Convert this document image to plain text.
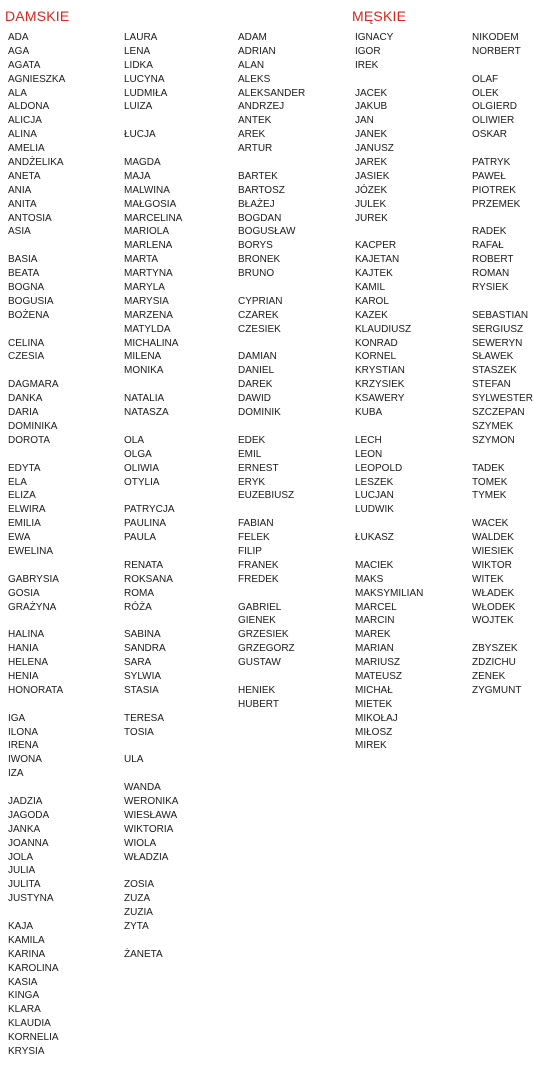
DAMSKIE	MĘSKIE
ADA
AGA
AGATA
AGNIESZKA
ALA
ALDONA
ALICJA
ALINA
AMELIA
ANDŻELIKA
ANETA
ANIA
ANITA
ANTOSIA
ASIA
BASIA
BEATA
BOGNA
BOGUSIA
BOŻENA
CELINA
CZESIA
DAGMARA
DANKA
DARIA
DOMINIKA
DOROTA
EDYTA
ELA
ELIZA
ELWIRA
EMILIA
EWA
EWELINA
GABRYSIA
GOSIA
GRAŻYNA
HALINA
HANIA
HELENA
HENIA
HONORATA
IGA
ILONA
IRENA
IWONA
IZA
JADZIA
JAGODA
JANKA
JOANNA
JOLA
JULIA
JULITA
JUSTYNA
KAJA
KAMILA
KARINA
KAROLINA
KASIA
KINGA
KLARA
KLAUDIA
KORNELIA
KRYSIA
LAURA
LENA
LIDKA
LUCYNA
LUDMIŁA
LUIZA
ŁUCJA
MAGDA
MAJA
MALWINA
MAŁGOSIA
MARCELINA
MARIOLA
MARLENA
MARTA
MARTYNA
MARYLA
MARYSIA
MARZENA
MATYLDA
MICHALINA
MILENA
MONIKA
NATALIA
NATASZA
OLA
OLGA
OLIWIA
OTYLIA
PATRYCJA
PAULINA
PAULA
RENATA
ROKSANA
ROMA
RÓŻA
SABINA
SANDRA
SARA
SYLWIA
STASIA
TERESA
TOSIA
ULA
WANDA
WERONIKA
WIESŁAWA
WIKTORIA
WIOLA
WŁADZIA
ZOSIA
ZUZA
ZUZIA
ZYTA
ŻANETA
ADAM
ADRIAN
ALAN
ALEKS
ALEKSANDER
ANDRZEJ
ANTEK
AREK
ARTUR
BARTEK
BARTOSZ
BŁAŻEJ
BOGDAN
BOGUSŁAW
BORYS
BRONEK
BRUNO
CYPRIAN
CZAREK
CZESIEK
DAMIAN
DANIEL
DAREK
DAWID
DOMINIK
EDEK
EMIL
ERNEST
ERYK
EUZEBIUSZ
FABIAN
FELEK
FILIP
FRANEK
FREDEK
GABRIEL
GIENEK
GRZESIEK
GRZEGORZ
GUSTAW
HENIEK
HUBERT
IGNACY
IGOR
IREK
JACEK
JAKUB
JAN
JANEK
JANUSZ
JAREK
JASIEK
JÓZEK
JULEK
JUREK
KACPER
KAJETAN
KAJTEK
KAMIL
KAROL
KAZEK
KLAUDIUSZ
KONRAD
KORNEL
KRYSTIAN
KRZYSIEK
KSAWERY
KUBA
LECH
LEON
LEOPOLD
LESZEK
LUCJAN
LUDWIK
ŁUKASZ
MACIEK
MAKS
MAKSYMILIAN
MARCEL
MARCIN
MAREK
MARIAN
MARIUSZ
MATEUSZ
MICHAŁ
MIETEK
MIKOŁAJ
MIŁOSZ
MIREK
NIKODEM
NORBERT
OLAF
OLEK
OLGIERD
OLIWIER
OSKAR
PATRYK
PAWEŁ
PIOTREK
PRZEMEK
RADEK
RAFAŁ
ROBERT
ROMAN
RYSIEK
SEBASTIAN
SERGIUSZ
SEWERYN
SŁAWEK
STASZEK
STEFAN
SYLWESTER
SZCZEPAN
SZYMEK
SZYMON
TADEK
TOMEK
TYMEK
WACEK
WALDEK
WIESIEK
WIKTOR
WITEK
WŁADEK
WŁODEK
WOJTEK
ZBYSZEK
ZDZICHU
ZENEK
ZYGMUNT
